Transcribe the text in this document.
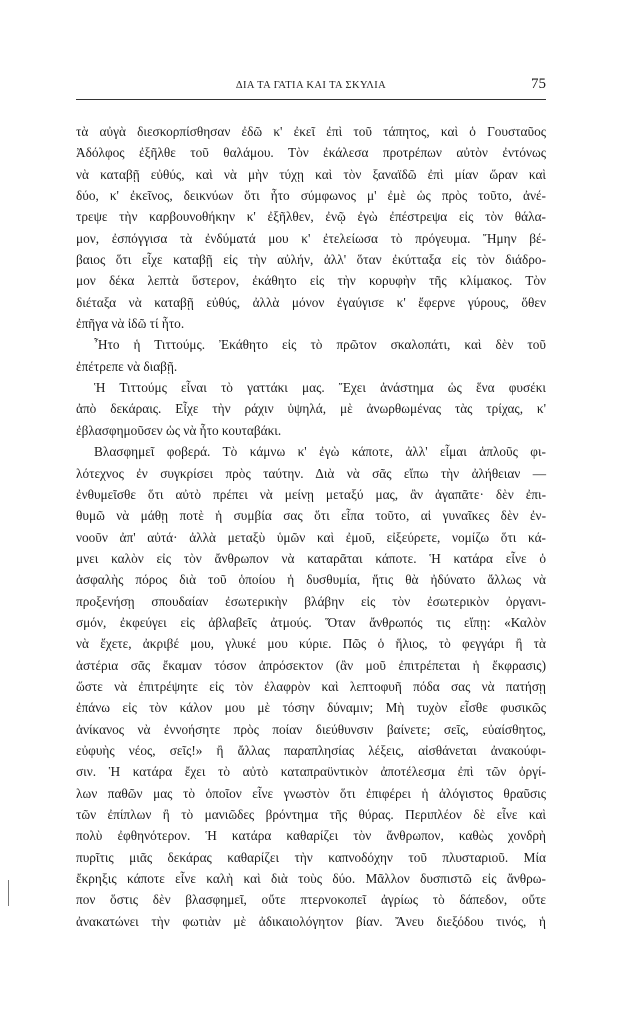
ΔΙΑ ΤΑ ΓΑΤΙΑ ΚΑΙ ΤΑ ΣΚΥΛΙΑ	75
τὰ αὐγὰ διεσκορπίσθησαν ἐδῶ κ' ἐκεῖ ἐπὶ τοῦ τάπητος, καὶ ὁ Γουσταῦος
Ἀδόλφος ἐξῆλθε τοῦ θαλάμου. Τὸν ἐκάλεσα προτρέπων αὐτὸν ἐντόνως
νὰ καταβῇ εὐθύς, καὶ νὰ μὴν τύχῃ καὶ τὸν ξαναϊδῶ ἐπὶ μίαν ὥραν καὶ
δύο, κ' ἐκεῖνος, δεικνύων ὅτι ἦτο σύμφωνος μ' ἐμὲ ὡς πρὸς τοῦτο, ἀνέ-
τρεψε τὴν καρβουνοθήκην κ' ἐξῆλθεν, ἐνῷ ἐγὼ ἐπέστρεψα εἰς τὸν θάλα-
μον, ἐσπόγγισα τὰ ἐνδύματά μου κ' ἐτελείωσα τὸ πρόγευμα. Ἤμην βέ-
βαιος ὅτι εἶχε καταβῇ εἰς τὴν αὐλήν, ἀλλ' ὅταν ἐκύτταξα εἰς τὸν διάδρο-
μον δέκα λεπτὰ ὕστερον, ἐκάθητο εἰς τὴν κορυφὴν τῆς κλίμακος. Τὸν
διέταξα νὰ καταβῇ εὐθύς, ἀλλὰ μόνον ἐγαύγισε κ' ἔφερνε γύρους, ὅθεν
ἐπῆγα νὰ ἰδῶ τί ἦτο.
Ἦτο ἡ Τιττούμς. Ἐκάθητο εἰς τὸ πρῶτον σκαλοπάτι, καὶ δὲν τοῦ
ἐπέτρεπε νὰ διαβῇ.
Ἡ Τιττούμς εἶναι τὸ γαττάκι μας. Ἔχει ἀνάστημα ὡς ἕνα φυσέκι
ἀπὸ δεκάραις. Εἶχε τὴν ράχιν ὑψηλά, μὲ ἀνωρθωμένας τὰς τρίχας, κ'
ἐβλασφημοῦσεν ὡς νὰ ἦτο κουταβάκι.
Βλασφημεῖ φοβερά. Τὸ κάμνω κ' ἐγὼ κάποτε, ἀλλ' εἶμαι ἁπλοῦς φι-
λότεχνος ἐν συγκρίσει πρὸς ταύτην. Διὰ νὰ σᾶς εἴπω τὴν ἀλήθειαν —
ἐνθυμεῖσθε ὅτι αὐτὸ πρέπει νὰ μείνῃ μεταξύ μας, ἂν ἀγαπᾶτε· δὲν ἐπι-
θυμῶ νὰ μάθῃ ποτὲ ἡ συμβία σας ὅτι εἶπα τοῦτο, αἱ γυναῖκες δὲν ἐν-
νοοῦν ἀπ' αὐτά· ἀλλὰ μεταξὺ ὑμῶν καὶ ἐμοῦ, εἰξεύρετε, νομίζω ὅτι κά-
μνει καλὸν εἰς τὸν ἄνθρωπον νὰ καταρᾶται κάποτε. Ἡ κατάρα εἶνε ὁ
ἀσφαλὴς πόρος διὰ τοῦ ὁποίου ἡ δυσθυμία, ἥτις θὰ ἠδύνατο ἄλλως νὰ
προξενήσῃ σπουδαίαν ἐσωτερικὴν βλάβην εἰς τὸν ἐσωτερικὸν ὀργανι-
σμόν, ἐκφεύγει εἰς ἀβλαβεῖς ἀτμούς. Ὅταν ἄνθρωπός τις εἴπῃ: «Καλὸν
νὰ ἔχετε, ἀκριβέ μου, γλυκέ μου κύριε. Πῶς ὁ ἥλιος, τὸ φεγγάρι ἢ τὰ
ἀστέρια σᾶς ἔκαμαν τόσον ἀπρόσεκτον (ἂν μοῦ ἐπιτρέπεται ἡ ἔκφρασις)
ὥστε νὰ ἐπιτρέψητε εἰς τὸν ἐλαφρὸν καὶ λεπτοφυῆ πόδα σας νὰ πατήσῃ
ἐπάνω εἰς τὸν κάλον μου μὲ τόσην δύναμιν; Μὴ τυχὸν εἶσθε φυσικῶς
ἀνίκανος νὰ ἐννοήσητε πρὸς ποίαν διεύθυνσιν βαίνετε; σεῖς, εὐαίσθητος,
εὐφυὴς νέος, σεῖς!» ἢ ἄλλας παραπλησίας λέξεις, αἰσθάνεται ἀνακούφι-
σιν. Ἡ κατάρα ἔχει τὸ αὐτὸ καταπραϋντικὸν ἀποτέλεσμα ἐπὶ τῶν ὀργί-
λων παθῶν μας τὸ ὁποῖον εἶνε γνωστὸν ὅτι ἐπιφέρει ἡ ἀλόγιστος θραῦσις
τῶν ἐπίπλων ἢ τὸ μανιῶδες βρόντημα τῆς θύρας. Περιπλέον δὲ εἶνε καὶ
πολὺ ἐφθηνότερον. Ἡ κατάρα καθαρίζει τὸν ἄνθρωπον, καθὼς χονδρὴ
πυρῖτις μιᾶς δεκάρας καθαρίζει τὴν καπνοδόχην τοῦ πλυσταριοῦ. Μία
ἔκρηξις κάποτε εἶνε καλὴ καὶ διὰ τοὺς δύο. Μᾶλλον δυσπιστῶ εἰς ἄνθρω-
πον ὅστις δὲν βλασφημεῖ, οὔτε πτερνοκοπεῖ ἀγρίως τὸ δάπεδον, οὔτε
ἀνακατώνει τὴν φωτιὰν μὲ ἀδικαιολόγητον βίαν. Ἄνευ διεξόδου τινός, ἡ
